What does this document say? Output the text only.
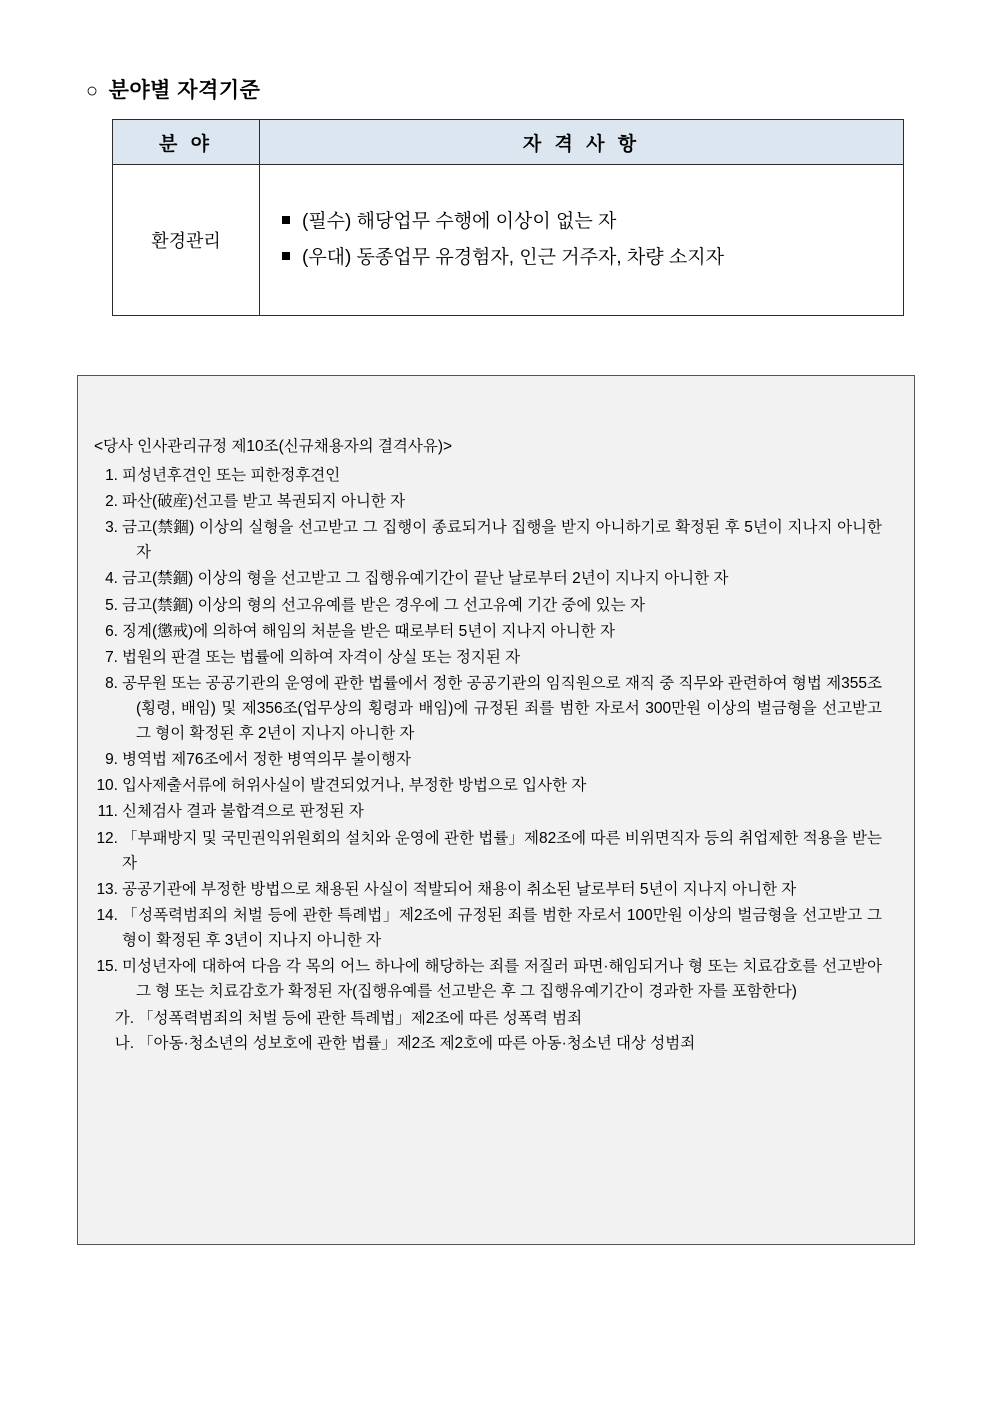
○ 분야별 자격기준
분 야	자 격 사 항
환경관리	(필수) 해당업무 수행에 이상이 없는 자
(우대) 동종업무 유경험자, 인근 거주자, 차량 소지자

<당사 인사관리규정 제10조(신규채용자의 결격사유)>

1. 피성년후견인 또는 피한정후견인
2. 파산(破産)선고를 받고 복권되지 아니한 자
3. 금고(禁錮) 이상의 실형을 선고받고 그 집행이 종료되거나 집행을 받지 아니하기로 확정된 후 5년이 지나지 아니한 자
4. 금고(禁錮) 이상의 형을 선고받고 그 집행유예기간이 끝난 날로부터 2년이 지나지 아니한 자
5. 금고(禁錮) 이상의 형의 선고유예를 받은 경우에 그 선고유예 기간 중에 있는 자
6. 징계(懲戒)에 의하여 해임의 처분을 받은 때로부터 5년이 지나지 아니한 자
7. 법원의 판결 또는 법률에 의하여 자격이 상실 또는 정지된 자
8. 공무원 또는 공공기관의 운영에 관한 법률에서 정한 공공기관의 임직원으로 재직 중 직무와 관련하여 형법 제355조(횡령, 배임) 및 제356조(업무상의 횡령과 배임)에 규정된 죄를 범한 자로서 300만원 이상의 벌금형을 선고받고 그 형이 확정된 후 2년이 지나지 아니한 자
9. 병역법 제76조에서 정한 병역의무 불이행자
10. 입사제출서류에 허위사실이 발견되었거나, 부정한 방법으로 입사한 자
11. 신체검사 결과 불합격으로 판정된 자
12. 「부패방지 및 국민권익위원회의 설치와 운영에 관한 법률」제82조에 따른 비위면직자 등의 취업제한 적용을 받는 자
13. 공공기관에 부정한 방법으로 채용된 사실이 적발되어 채용이 취소된 날로부터 5년이 지나지 아니한 자
14. 「성폭력범죄의 처벌 등에 관한 특례법」제2조에 규정된 죄를 범한 자로서 100만원 이상의 벌금형을 선고받고 그 형이 확정된 후 3년이 지나지 아니한 자
15. 미성년자에 대하여 다음 각 목의 어느 하나에 해당하는 죄를 저질러 파면·해임되거나 형 또는 치료감호를 선고받아 그 형 또는 치료감호가 확정된 자(집행유예를 선고받은 후 그 집행유예기간이 경과한 자를 포함한다)
가. 「성폭력범죄의 처벌 등에 관한 특례법」제2조에 따른 성폭력 범죄
나. 「아동·청소년의 성보호에 관한 법률」제2조 제2호에 따른 아동·청소년 대상 성범죄
